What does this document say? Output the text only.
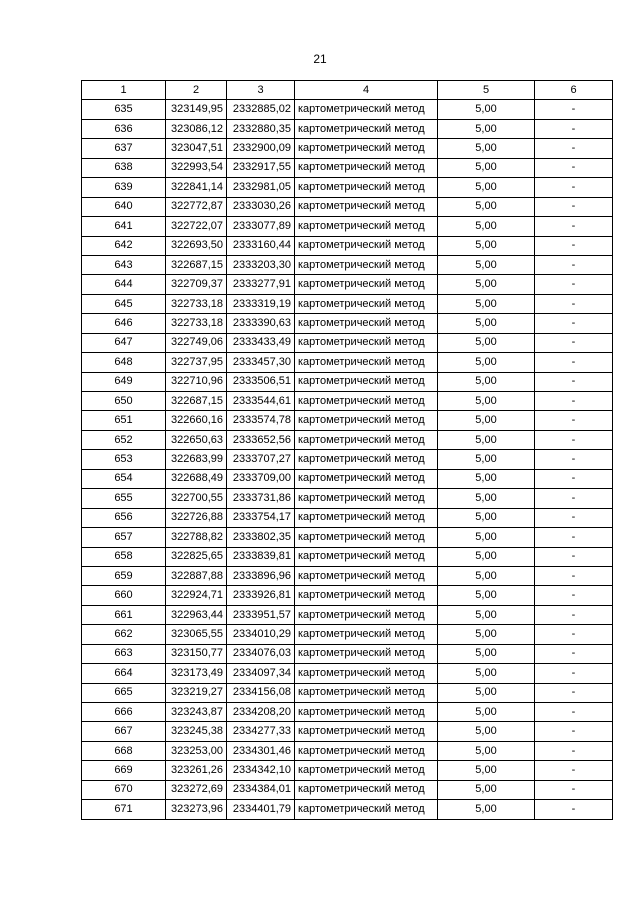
21
1	2	3	4	5	6
635	323149,95	2332885,02	картометрический метод	5,00	-
636	323086,12	2332880,35	картометрический метод	5,00	-
637	323047,51	2332900,09	картометрический метод	5,00	-
638	322993,54	2332917,55	картометрический метод	5,00	-
639	322841,14	2332981,05	картометрический метод	5,00	-
640	322772,87	2333030,26	картометрический метод	5,00	-
641	322722,07	2333077,89	картометрический метод	5,00	-
642	322693,50	2333160,44	картометрический метод	5,00	-
643	322687,15	2333203,30	картометрический метод	5,00	-
644	322709,37	2333277,91	картометрический метод	5,00	-
645	322733,18	2333319,19	картометрический метод	5,00	-
646	322733,18	2333390,63	картометрический метод	5,00	-
647	322749,06	2333433,49	картометрический метод	5,00	-
648	322737,95	2333457,30	картометрический метод	5,00	-
649	322710,96	2333506,51	картометрический метод	5,00	-
650	322687,15	2333544,61	картометрический метод	5,00	-
651	322660,16	2333574,78	картометрический метод	5,00	-
652	322650,63	2333652,56	картометрический метод	5,00	-
653	322683,99	2333707,27	картометрический метод	5,00	-
654	322688,49	2333709,00	картометрический метод	5,00	-
655	322700,55	2333731,86	картометрический метод	5,00	-
656	322726,88	2333754,17	картометрический метод	5,00	-
657	322788,82	2333802,35	картометрический метод	5,00	-
658	322825,65	2333839,81	картометрический метод	5,00	-
659	322887,88	2333896,96	картометрический метод	5,00	-
660	322924,71	2333926,81	картометрический метод	5,00	-
661	322963,44	2333951,57	картометрический метод	5,00	-
662	323065,55	2334010,29	картометрический метод	5,00	-
663	323150,77	2334076,03	картометрический метод	5,00	-
664	323173,49	2334097,34	картометрический метод	5,00	-
665	323219,27	2334156,08	картометрический метод	5,00	-
666	323243,87	2334208,20	картометрический метод	5,00	-
667	323245,38	2334277,33	картометрический метод	5,00	-
668	323253,00	2334301,46	картометрический метод	5,00	-
669	323261,26	2334342,10	картометрический метод	5,00	-
670	323272,69	2334384,01	картометрический метод	5,00	-
671	323273,96	2334401,79	картометрический метод	5,00	-
